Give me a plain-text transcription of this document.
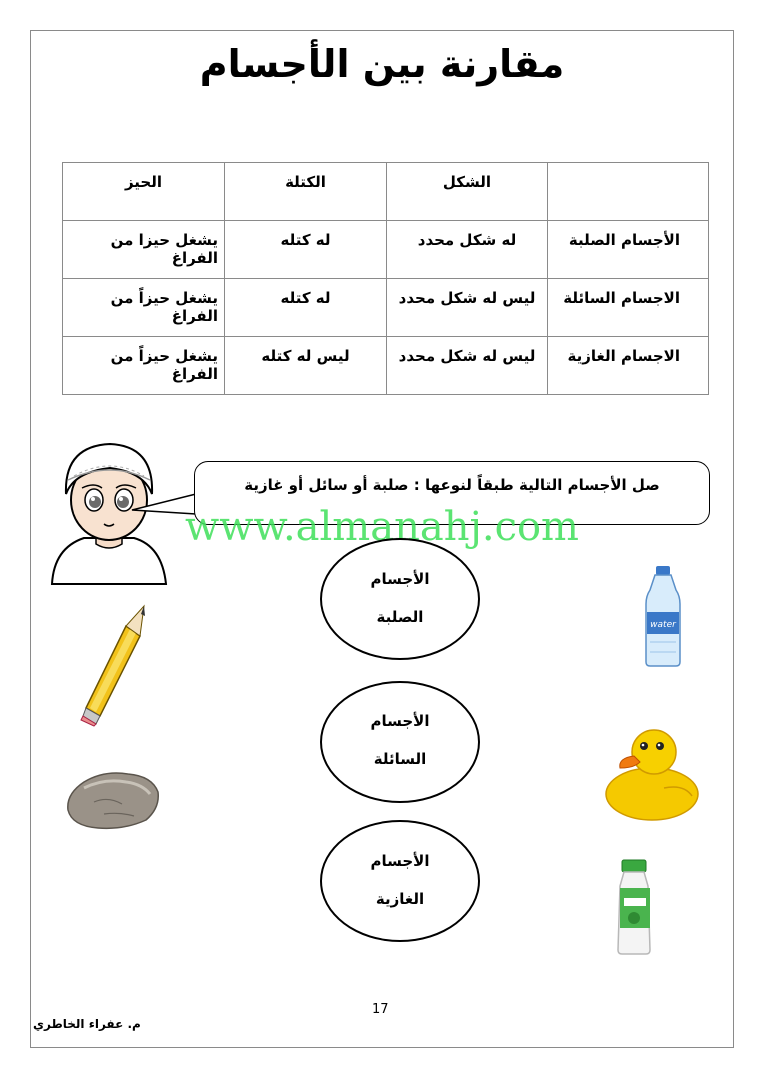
مقارنة بين الأجسام
	الشكل	الكتلة	الحيز
الأجسام الصلبة	له شكل محدد	له كتله	يشغل حيزا من الفراغ
الاجسام السائلة	ليس له شكل محدد	له كتله	يشغل حيزاً من الفراغ
الاجسام الغازية	ليس له شكل محدد	ليس له كتله	يشغل حيزاً من الفراغ
صل الأجسام التالية طبقاً لنوعها : صلبة أو سائل أو غازية
www.almanahj.com
الأجسام
الصلبة
الأجسام
السائلة
الأجسام
الغازية
water
17
م. عفراء الخاطري
